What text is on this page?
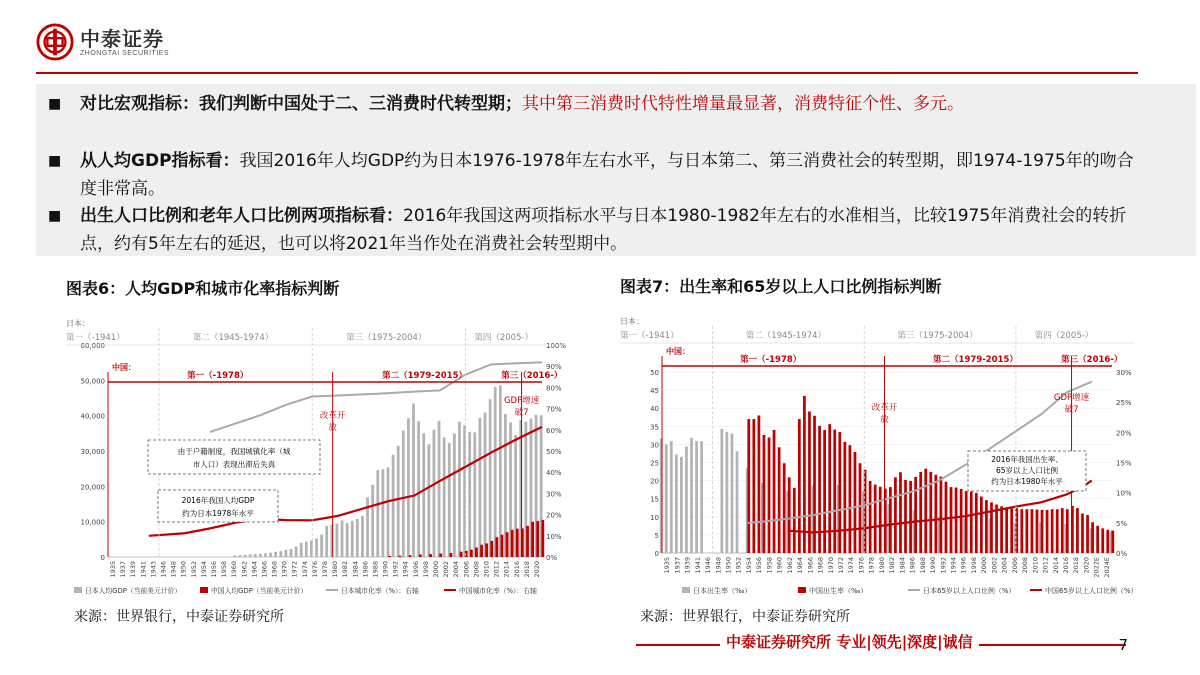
中泰证券
ZHONGTAI SECURITIES
■ 对比宏观指标：我们判断中国处于二、三消费时代转型期；其中第三消费时代特性增量最显著，消费特征个性、多元。
■ 从人均GDP指标看：我国2016年人均GDP约为日本1976-1978年左右水平，与日本第二、第三消费社会的转型期，即1974-1975年的吻合度非常高。
■ 出生人口比例和老年人口比例两项指标看：2016年我国这两项指标水平与日本1980-1982年左右的水准相当，比较1975年消费社会的转折点，约有5年左右的延迟，也可以将2021年当作处在消费社会转型期中。
图表6：人均GDP和城市化率指标判断	图表7：出生率和65岁以上人口比例指标判断
0
10,000
20,000
30,000
40,000
50,000
60,000
0%
10%
20%
30%
40%
50%
60%
70%
80%
90%
100%
1935 1937 1939 1941 1943 1946 1948 1950 1952 1954 1956 1958 1960 1962 1964 1966 1968 1970 1972 1974 1976 1978 1980 1982 1984 1986 1988 1990 1992 1994 1996 1998 2000 2002 2004 2006 2008 2010 2012 2014 2016 2018 2020
日本：
第一（-1941）	第二（1945-1974）	第三（1975-2004）	第四（2005-）
中国：
第一（-1978）	第二（1979-2015）	第三（2016-）
改革开
放
GDP增速
破7
由于户籍制度，我国城镇化率（城
市人口）表现出滞后失真
2016年我国人均GDP
约为日本1978年水平
日本人均GDP（当前美元计价）	中国人均GDP（当前美元计价）	日本城市化率（%）：右轴	中国城市化率（%）：右轴
0
5
10
15
20
25
30
35
40
45
50
0%
5%
10%
15%
20%
25%
30%
1935 1937 1939 1941 1946 1948 1950 1952 1954 1956 1958 1960 1962 1964 1966 1968 1970 1972 1974 1976 1978 1980 1982 1984 1986 1988 1990 1992 1994 1996 1998 2000 2002 2004 2006 2008 2010 2012 2014 2016 2018 2020 2022E 2024E
日本：
第一（-1941）	第二（1945-1974）	第三（1975-2004）	第四（2005-）
中国：
第一（-1978）	第二（1979-2015）	第三（2016-）
改革开
放
GDP增速
破7
2016年我国出生率、
65岁以上人口比例
约为日本1980年水平
日本出生率（‰）	中国出生率（‰）	日本65岁以上人口比例（%）	中国65岁以上人口比例（%）
来源：世界银行，中泰证券研究所	来源：世界银行，中泰证券研究所
中泰证券研究所 专业|领先|深度|诚信	7
